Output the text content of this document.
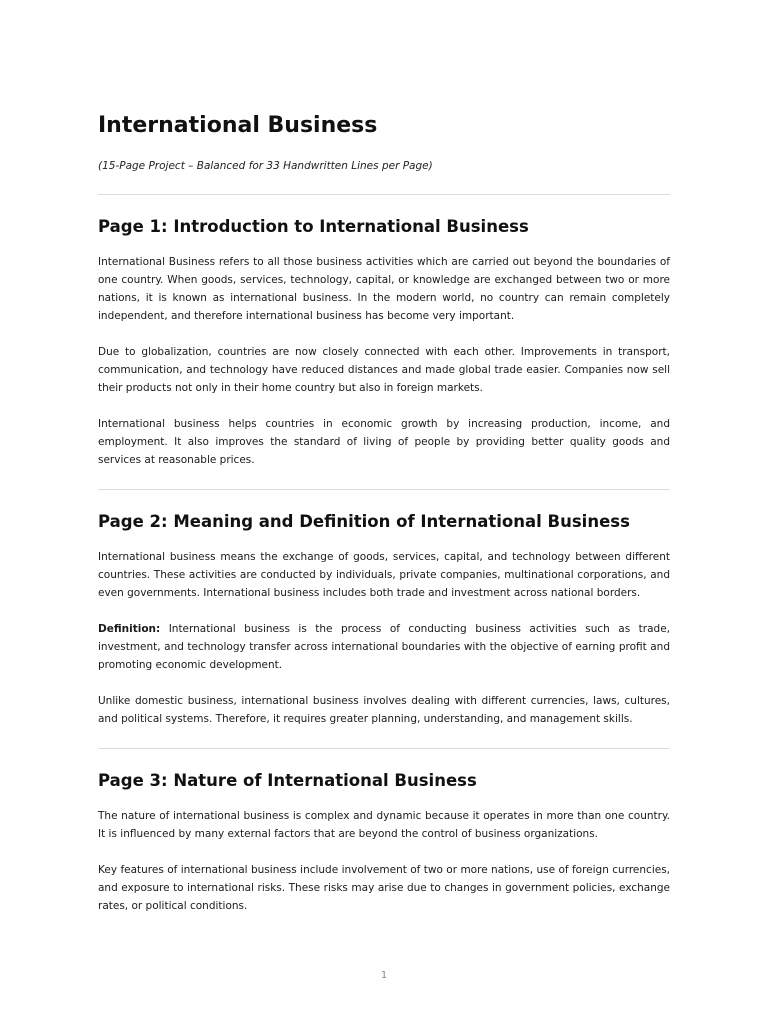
International Business

(15-Page Project – Balanced for 33 Handwritten Lines per Page)

Page 1: Introduction to International Business

International Business refers to all those business activities which are carried out beyond the boundaries of one country. When goods, services, technology, capital, or knowledge are exchanged between two or more nations, it is known as international business. In the modern world, no country can remain completely independent, and therefore international business has become very important.

Due to globalization, countries are now closely connected with each other. Improvements in transport, communication, and technology have reduced distances and made global trade easier. Companies now sell their products not only in their home country but also in foreign markets.

International business helps countries in economic growth by increasing production, income, and employment. It also improves the standard of living of people by providing better quality goods and services at reasonable prices.

Page 2: Meaning and Definition of International Business

International business means the exchange of goods, services, capital, and technology between different countries. These activities are conducted by individuals, private companies, multinational corporations, and even governments. International business includes both trade and investment across national borders.

Definition: International business is the process of conducting business activities such as trade, investment, and technology transfer across international boundaries with the objective of earning profit and promoting economic development.

Unlike domestic business, international business involves dealing with different currencies, laws, cultures, and political systems. Therefore, it requires greater planning, understanding, and management skills.

Page 3: Nature of International Business

The nature of international business is complex and dynamic because it operates in more than one country. It is influenced by many external factors that are beyond the control of business organizations.

Key features of international business include involvement of two or more nations, use of foreign currencies, and exposure to international risks. These risks may arise due to changes in government policies, exchange rates, or political conditions.

1
